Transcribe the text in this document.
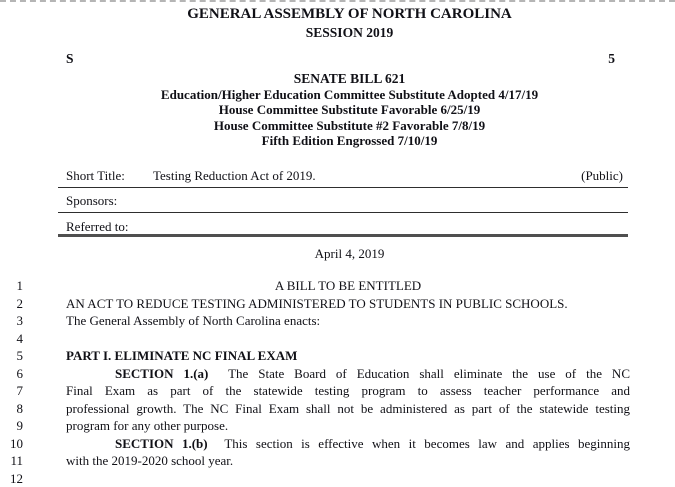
GENERAL ASSEMBLY OF NORTH CAROLINA
SESSION 2019
S	5
SENATE BILL 621
Education/Higher Education Committee Substitute Adopted 4/17/19
House Committee Substitute Favorable 6/25/19
House Committee Substitute #2 Favorable 7/8/19
Fifth Edition Engrossed 7/10/19
Short Title: Testing Reduction Act of 2019.	(Public)
Sponsors:
Referred to:
April 4, 2019
1	A BILL TO BE ENTITLED
2	AN ACT TO REDUCE TESTING ADMINISTERED TO STUDENTS IN PUBLIC SCHOOLS.
3	The General Assembly of North Carolina enacts:
4
5	PART I. ELIMINATE NC FINAL EXAM
6	SECTION 1.(a)  The State Board of Education shall eliminate the use of the NC
7	Final Exam as part of the statewide testing program to assess teacher performance and
8	professional growth. The NC Final Exam shall not be administered as part of the statewide testing
9	program for any other purpose.
10	SECTION 1.(b)  This section is effective when it becomes law and applies beginning
11	with the 2019-2020 school year.
12
